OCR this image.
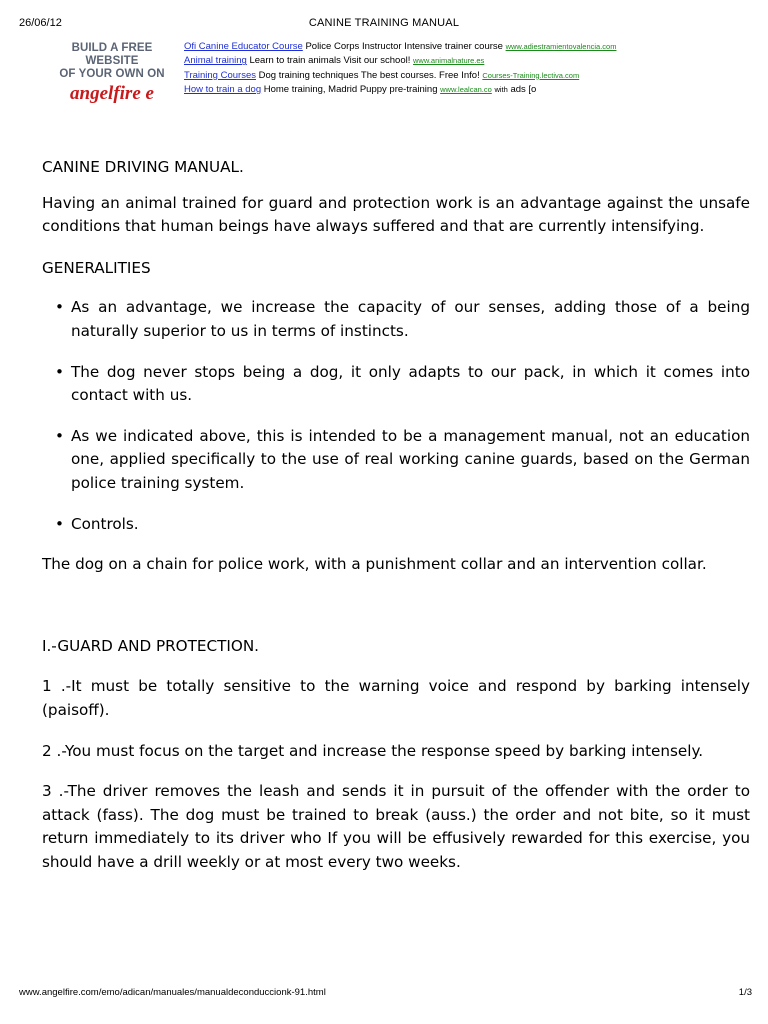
26/06/12	CANINE TRAINING MANUAL
BUILD A FREE WEBSITE
OF YOUR OWN ON
angelfire e
Ofi Canine Educator Course Police Corps Instructor Intensive trainer course www.adiestramientovalencia.com
Animal training Learn to train animals Visit our school! www.animalnature.es
Training Courses Dog training techniques The best courses. Free Info! Courses-Training.lectiva.com
How to train a dog Home training, Madrid Puppy pre-training www.lealcan.co with ads [o

CANINE DRIVING MANUAL.

Having an animal trained for guard and protection work is an advantage against the unsafe conditions that human beings have always suffered and that are currently intensifying.

GENERALITIES

• As an advantage, we increase the capacity of our senses, adding those of a being naturally superior to us in terms of instincts.
• The dog never stops being a dog, it only adapts to our pack, in which it comes into contact with us.
• As we indicated above, this is intended to be a management manual, not an education one, applied specifically to the use of real working canine guards, based on the German police training system.
• Controls.

The dog on a chain for police work, with a punishment collar and an intervention collar.

I.-GUARD AND PROTECTION.

1 .-It must be totally sensitive to the warning voice and respond by barking intensely (paisoff).

2 .-You must focus on the target and increase the response speed by barking intensely.

3 .-The driver removes the leash and sends it in pursuit of the offender with the order to attack (fass). The dog must be trained to break (auss.) the order and not bite, so it must return immediately to its driver who If you will be effusively rewarded for this exercise, you should have a drill weekly or at most every two weeks.

www.angelfire.com/emo/adican/manuales/manualdeconduccionk-91.html	1/3
